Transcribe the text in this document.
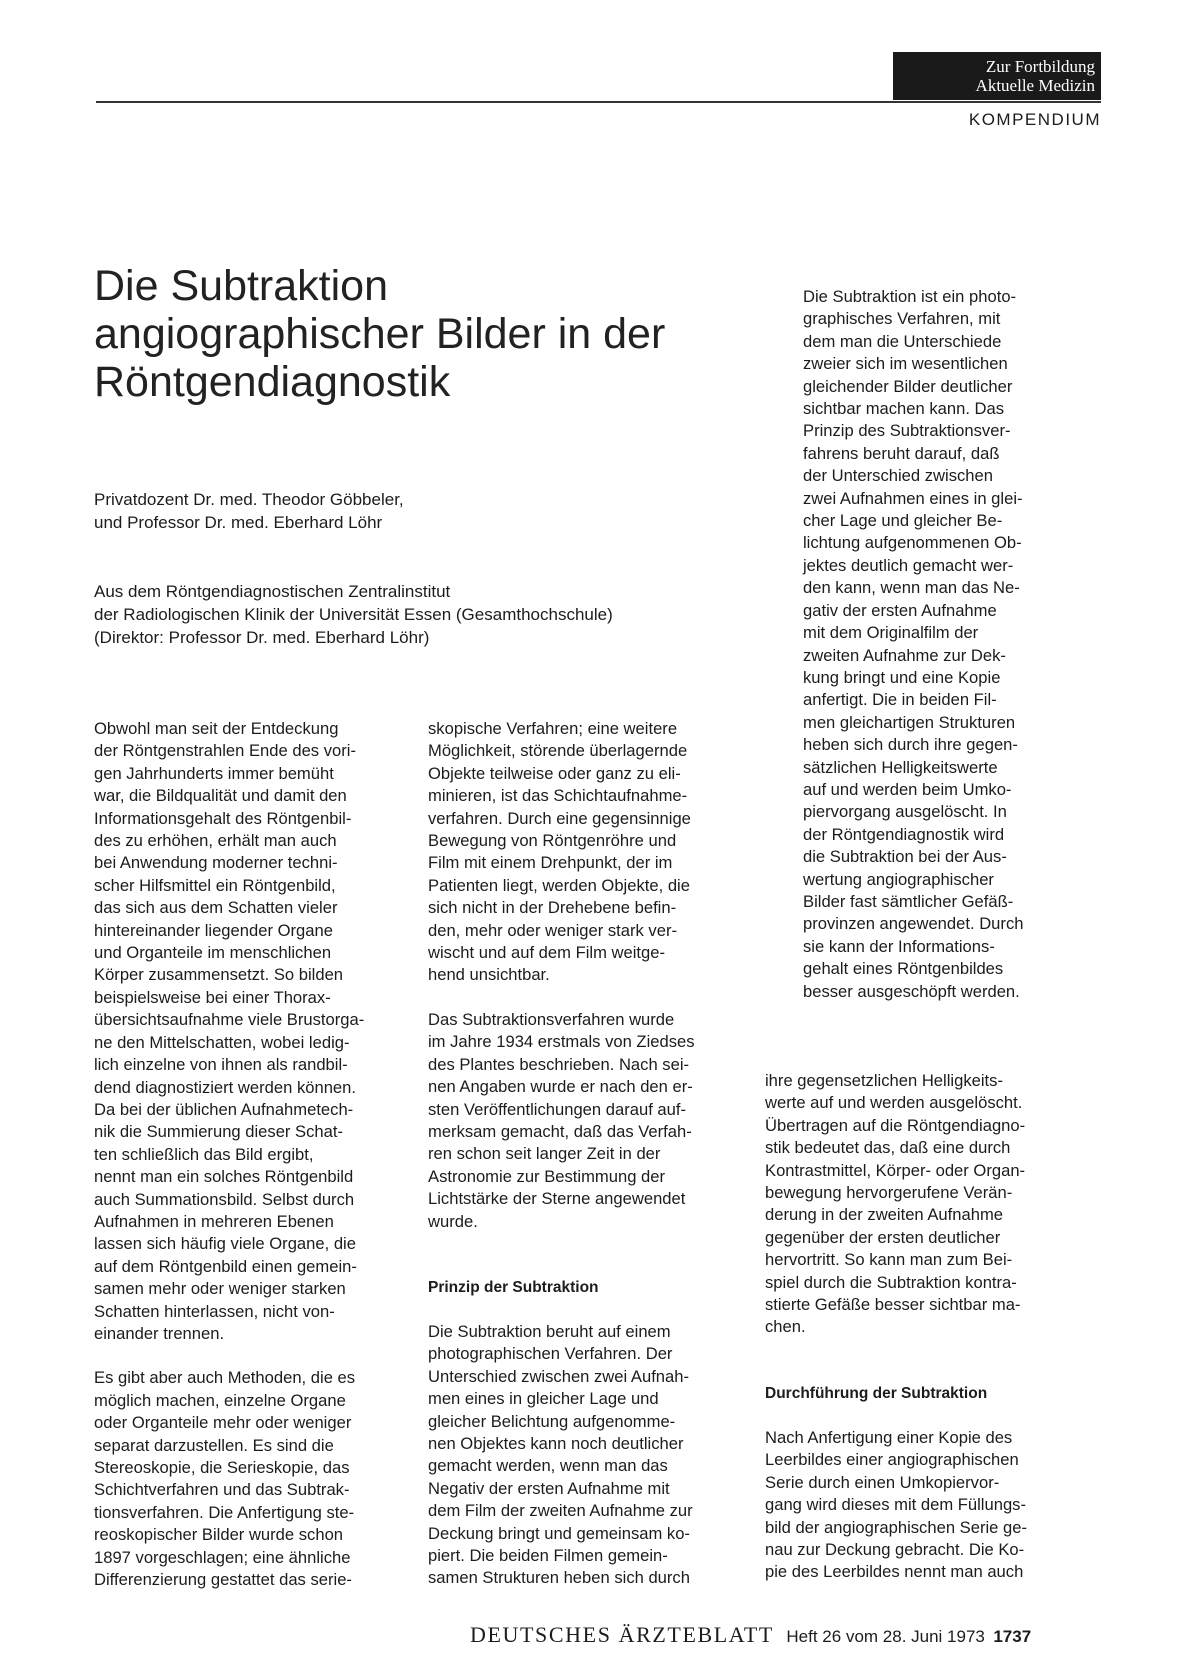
Zur Fortbildung
Aktuelle Medizin
KOMPENDIUM
Die Subtraktion
angiographischer Bilder in der
Röntgendiagnostik
Privatdozent Dr. med. Theodor Göbbeler,
und Professor Dr. med. Eberhard Löhr
Aus dem Röntgendiagnostischen Zentralinstitut
der Radiologischen Klinik der Universität Essen (Gesamthochschule)
(Direktor: Professor Dr. med. Eberhard Löhr)

Obwohl man seit der Entdeckung
der Röntgenstrahlen Ende des vori-
gen Jahrhunderts immer bemüht
war, die Bildqualität und damit den
Informationsgehalt des Röntgenbil-
des zu erhöhen, erhält man auch
bei Anwendung moderner techni-
scher Hilfsmittel ein Röntgenbild,
das sich aus dem Schatten vieler
hintereinander liegender Organe
und Organteile im menschlichen
Körper zusammensetzt. So bilden
beispielsweise bei einer Thorax-
übersichtsaufnahme viele Brustorga-
ne den Mittelschatten, wobei ledig-
lich einzelne von ihnen als randbil-
dend diagnostiziert werden können.
Da bei der üblichen Aufnahmetech-
nik die Summierung dieser Schat-
ten schließlich das Bild ergibt,
nennt man ein solches Röntgenbild
auch Summationsbild. Selbst durch
Aufnahmen in mehreren Ebenen
lassen sich häufig viele Organe, die
auf dem Röntgenbild einen gemein-
samen mehr oder weniger starken
Schatten hinterlassen, nicht von-
einander trennen.

Es gibt aber auch Methoden, die es
möglich machen, einzelne Organe
oder Organteile mehr oder weniger
separat darzustellen. Es sind die
Stereoskopie, die Serieskopie, das
Schichtverfahren und das Subtrak-
tionsverfahren. Die Anfertigung ste-
reoskopischer Bilder wurde schon
1897 vorgeschlagen; eine ähnliche
Differenzierung gestattet das serie-

skopische Verfahren; eine weitere
Möglichkeit, störende überlagernde
Objekte teilweise oder ganz zu eli-
minieren, ist das Schichtaufnahme-
verfahren. Durch eine gegensinnige
Bewegung von Röntgenröhre und
Film mit einem Drehpunkt, der im
Patienten liegt, werden Objekte, die
sich nicht in der Drehebene befin-
den, mehr oder weniger stark ver-
wischt und auf dem Film weitge-
hend unsichtbar.

Das Subtraktionsverfahren wurde
im Jahre 1934 erstmals von Ziedses
des Plantes beschrieben. Nach sei-
nen Angaben wurde er nach den er-
sten Veröffentlichungen darauf auf-
merksam gemacht, daß das Verfah-
ren schon seit langer Zeit in der
Astronomie zur Bestimmung der
Lichtstärke der Sterne angewendet
wurde.

Prinzip der Subtraktion

Die Subtraktion beruht auf einem
photographischen Verfahren. Der
Unterschied zwischen zwei Aufnah-
men eines in gleicher Lage und
gleicher Belichtung aufgenomme-
nen Objektes kann noch deutlicher
gemacht werden, wenn man das
Negativ der ersten Aufnahme mit
dem Film der zweiten Aufnahme zur
Deckung bringt und gemeinsam ko-
piert. Die beiden Filmen gemein-
samen Strukturen heben sich durch

Die Subtraktion ist ein photo-
graphisches Verfahren, mit
dem man die Unterschiede
zweier sich im wesentlichen
gleichender Bilder deutlicher
sichtbar machen kann. Das
Prinzip des Subtraktionsver-
fahrens beruht darauf, daß
der Unterschied zwischen
zwei Aufnahmen eines in glei-
cher Lage und gleicher Be-
lichtung aufgenommenen Ob-
jektes deutlich gemacht wer-
den kann, wenn man das Ne-
gativ der ersten Aufnahme
mit dem Originalfilm der
zweiten Aufnahme zur Dek-
kung bringt und eine Kopie
anfertigt. Die in beiden Fil-
men gleichartigen Strukturen
heben sich durch ihre gegen-
sätzlichen Helligkeitswerte
auf und werden beim Umko-
piervorgang ausgelöscht. In
der Röntgendiagnostik wird
die Subtraktion bei der Aus-
wertung angiographischer
Bilder fast sämtlicher Gefäß-
provinzen angewendet. Durch
sie kann der Informations-
gehalt eines Röntgenbildes
besser ausgeschöpft werden.

ihre gegensetzlichen Helligkeits-
werte auf und werden ausgelöscht.
Übertragen auf die Röntgendiagno-
stik bedeutet das, daß eine durch
Kontrastmittel, Körper- oder Organ-
bewegung hervorgerufene Verän-
derung in der zweiten Aufnahme
gegenüber der ersten deutlicher
hervortritt. So kann man zum Bei-
spiel durch die Subtraktion kontra-
stierte Gefäße besser sichtbar ma-
chen.

Durchführung der Subtraktion

Nach Anfertigung einer Kopie des
Leerbildes einer angiographischen
Serie durch einen Umkopiervor-
gang wird dieses mit dem Füllungs-
bild der angiographischen Serie ge-
nau zur Deckung gebracht. Die Ko-
pie des Leerbildes nennt man auch

DEUTSCHES ÄRZTEBLATT Heft 26 vom 28. Juni 1973 1737
